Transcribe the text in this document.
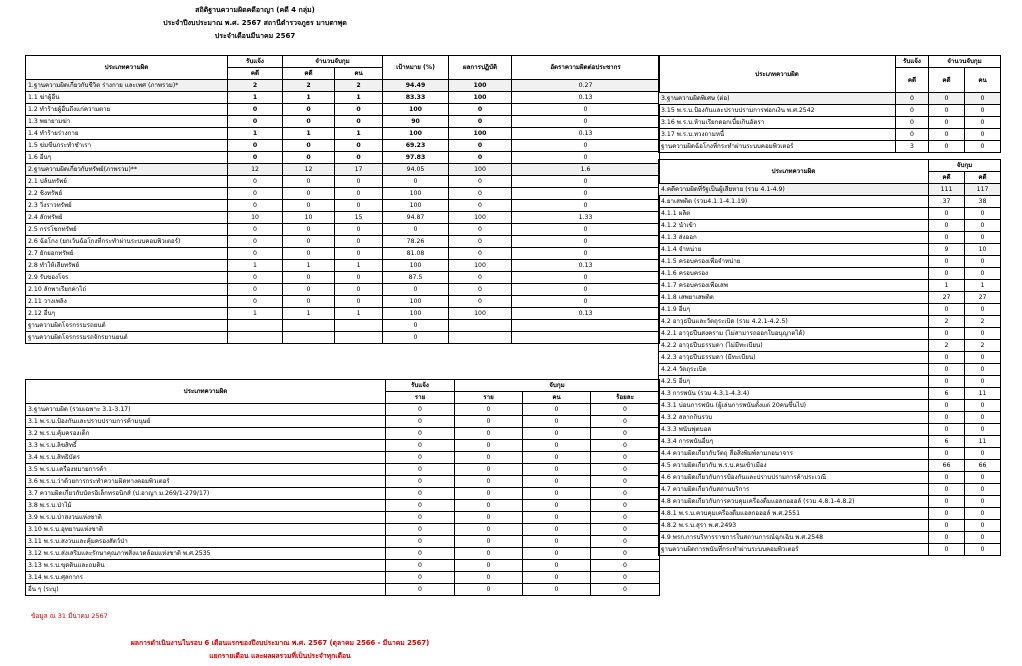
สถิติฐานความผิดคดีอาญา (คดี 4 กลุ่ม)
ประจำปีงบประมาณ พ.ศ. 2567 สถานีตำรวจภูธร มาบตาพุด
ประจำเดือนมีนาคม 2567
ประเภทความผิด	รับแจ้ง	จำนวนจับกุม		เป้าหมาย (%)	ผลการปฏิบัติ	อัตราความผิดต่อประชากร
	คดี	คดี	คน			

1.ฐานความผิดเกี่ยวกับชีวิต ร่างกาย และเพศ (ภาพรวม)*	2	2	2	94.49	100	0.27
1.1 ฆ่าผู้อื่น	1	1	1	83.33	100	0.13
1.2 ทำร้ายผู้อื่นถึงแก่ความตาย	0	0	0	100	0	0
1.3 พยายามฆ่า	0	0	0	90	0	0
1.4 ทำร้ายร่างกาย	1	1	1	100	100	0.13
1.5 ข่มขืนกระทำชำเรา	0	0	0	69.23	0	0
1.6 อื่นๆ	0	0	0	97.83	0	0
2.ฐานความผิดเกี่ยวกับทรัพย์(ภาพรวม)**	12	12	17	94.05	100	1.6
2.1 ปล้นทรัพย์	0	0	0	0	0	0
2.2 ชิงทรัพย์	0	0	0	100	0	0
2.3 วิ่งราวทรัพย์	0	0	0	100	0	0
2.4 ลักทรัพย์	10	10	15	94.87	100	1.33
2.5 กรรโชกทรัพย์	0	0	0	0	0	0
2.6 ฉ้อโกง (ยกเว้นฉ้อโกงที่กระทำผ่านระบบคอมพิวเตอร์)	0	0	0	78.26	0	0
2.7 ยักยอกทรัพย์	0	0	0	81.08	0	0
2.8 ทำให้เสียทรัพย์	1	1	1	100	100	0.13
2.9 รับของโจร	0	0	0	87.5	0	0
2.10 ลักพาเรียกค่าไถ่	0	0	0	0	0	0
2.11 วางเพลิง	0	0	0	100	0	0
2.12 อื่นๆ	1	1	1	100	100	0.13
ฐานความผิดโจรกรรมรถยนต์				0		
ฐานความผิดโจรกรรมรถจักรยานยนต์				0		
ประเภทความผิด	รับแจ้ง	จับกุม		
	ราย	ราย	คน	ร้อยละ
3.ฐานความผิด (รวมเฉพาะ 3.1-3.17)	0	0	0	0
3.1 พ.ร.บ.ป้องกันและปราบปรามการค้ามนุษย์	0	0	0	0
3.2 พ.ร.บ.คุ้มครองเด็ก	0	0	0	0
3.3 พ.ร.บ.ลิขสิทธิ์	0	0	0	0
3.4 พ.ร.บ.สิทธิบัตร	0	0	0	0
3.5 พ.ร.บ.เครื่องหมายการค้า	0	0	0	0
3.6 พ.ร.บ.ว่าด้วยการกระทำความผิดทางคอมพิวเตอร์	0	0	0	0
3.7 ความผิดเกี่ยวกับบัตรอิเล็กทรอนิกส์ (ป.อาญา ม.269/1-279/17)	0	0	0	0
3.8 พ.ร.บ.ป่าไม้	0	0	0	0
3.9 พ.ร.บ.ป่าสงวนแห่งชาติ	0	0	0	0
3.10 พ.ร.บ.อุทยานแห่งชาติ	0	0	0	0
3.11 พ.ร.บ.สงวนและคุ้มครองสัตว์ป่า	0	0	0	0
3.12 พ.ร.บ.ส่งเสริมและรักษาคุณภาพสิ่งแวดล้อมแห่งชาติ พ.ศ.2535	0	0	0	0
3.13 พ.ร.บ.ขุดดินและถมดิน	0	0	0	0
3.14 พ.ร.บ.ศุลกากร	0	0	0	0
อื่น ๆ (ระบุ)	0	0	0	0
ประเภทความผิด	รับแจ้ง	จำนวนจับกุม	
	คดี	คดี	คน
3.ฐานความผิดพิเศษ (ต่อ)	0	0	0
3.15 พ.ร.บ.ป้องกันและปราบปรามการฟอกเงิน พ.ศ.2542	0	0	0
3.16 พ.ร.บ.ห้ามเรียกดอกเบี้ยเกินอัตรา	0	0	0
3.17 พ.ร.บ.ทวงถามหนี้	0	0	0
ฐานความผิดฉ้อโกงที่กระทำผ่านระบบคอมพิวเตอร์	3	0	0
ประเภทความผิด	จับกุม	
	คดี	คดี
4.คดีความผิดที่รัฐเป็นผู้เสียหาย (รวม 4.1-4.9)	111	117
4.ยาเสพติด (รวม4.1.1-4.1.19)	37	38
4.1.1 ผลิต	0	0
4.1.2 นำเข้า	0	0
4.1.3 ส่งออก	0	0
4.1.4 จำหน่าย	9	10
4.1.5 ครอบครองเพื่อจำหน่าย	0	0
4.1.6 ครอบครอง	0	0
4.1.7 ครอบครองเพื่อเสพ	1	1
4.1.8 เสพยาเสพติด	27	27
4.1.9 อื่นๆ	0	0
4.2 อาวุธปืนและวัตถุระเบิด (รวม 4.2.1-4.2.5)	2	2
4.2.1 อาวุธปืนสงคราม (ไม่สามารถออกใบอนุญาตได้)	0	0
4.2.2 อาวุธปืนธรรมดา (ไม่มีทะเบียน)	2	2
4.2.3 อาวุธปืนธรรมดา (มีทะเบียน)	0	0
4.2.4 วัตถุระเบิด	0	0
4.2.5 อื่นๆ	0	0
4.3 การพนัน (รวม 4.3.1-4.3.4)	6	11
4.3.1 บ่อนการพนัน (ผู้เล่นการพนันตั้งแต่ 20คนขึ้นไป)	0	0
4.3.2 สลากกินรวบ	0	0
4.3.3 พนันฟุตบอล	0	0
4.3.4 การพนันอื่นๆ	6	11
4.4 ความผิดเกี่ยวกับวัตถุ สื่อสิ่งพิมพ์ลามกอนาจาร	0	0
4.5 ความผิดเกี่ยวกับ พ.ร.บ.คนเข้าเมือง	66	66
4.6 ความผิดเกี่ยวกับการป้องกันและปราบปรามการค้าประเวณี	0	0
4.7 ความผิดเกี่ยวกับสถานบริการ	0	0
4.8 ความผิดเกี่ยวกับการควบคุมเครื่องดื่มแอลกอฮอล์ (รวม 4.8.1-4.8.2)	0	0
4.8.1 พ.ร.บ.ควบคุมเครื่องดื่มแอลกอฮอล์ พ.ศ.2551	0	0
4.8.2 พ.ร.บ.สุรา พ.ศ.2493	0	0
4.9 พรก.การบริหารราชการในสถานการณ์ฉุกเฉิน พ.ศ.2548	0	0
ฐานความผิดการพนันที่กระทำผ่านระบบคอมพิวเตอร์	0	0
ข้อมูล ณ 31 มีนาคม 2567
ผลการดำเนินงานในรอบ 6 เดือนแรกของปีงบประมาณ พ.ศ. 2567 (ตุลาคม 2566 - มีนาคม 2567)
แยกรายเดือน และผลผลรวมที่เป็นประจำทุกเดือน
